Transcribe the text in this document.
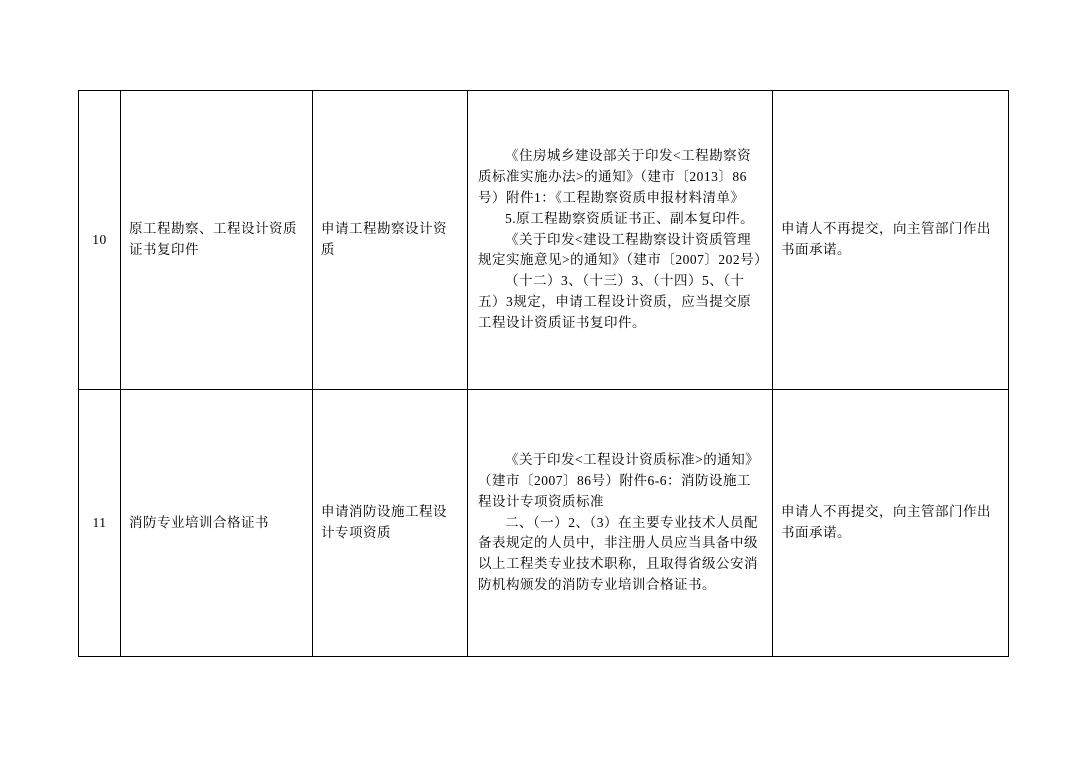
10	原工程勘察、工程设计资质证书复印件	申请工程勘察设计资质	《住房城乡建设部关于印发<工程勘察资质标准实施办法>的通知》（建市〔2013〕86号）附件1：《工程勘察资质申报材料清单》

5.原工程勘察资质证书正、副本复印件。

《关于印发<建设工程勘察设计资质管理规定实施意见>的通知》（建市〔2007〕202号）

（十二）3、（十三）3、（十四）5、（十五）3规定，申请工程设计资质，应当提交原工程设计资质证书复印件。	申请人不再提交，向主管部门作出书面承诺。
11	消防专业培训合格证书	申请消防设施工程设计专项资质	《关于印发<工程设计资质标准>的通知》（建市〔2007〕86号）附件6-6：消防设施工程设计专项资质标准

二、（一）2、（3）在主要专业技术人员配备表规定的人员中，非注册人员应当具备中级以上工程类专业技术职称，且取得省级公安消防机构颁发的消防专业培训合格证书。	申请人不再提交，向主管部门作出书面承诺。
